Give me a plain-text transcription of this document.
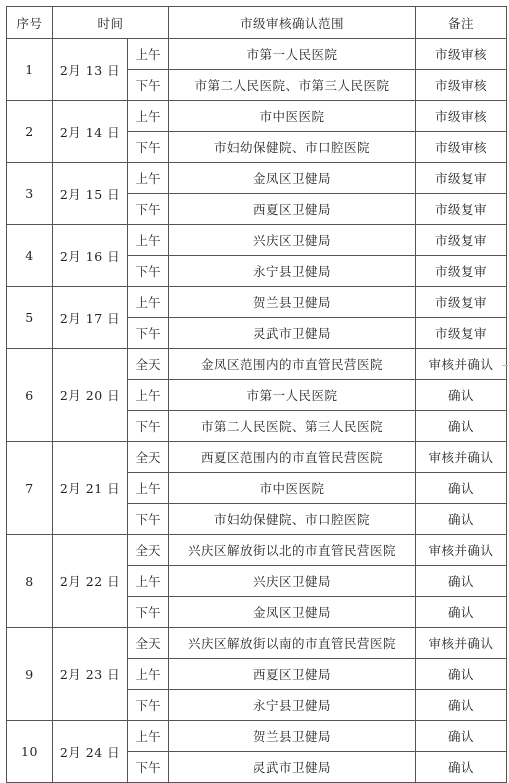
序号	时间		市级审核确认范围	备注
1	2月 13 日	上午	市第一人民医院	市级审核
		下午	市第二人民医院、市第三人民医院	市级审核
2	2月 14 日	上午	市中医医院	市级审核
		下午	市妇幼保健院、市口腔医院	市级审核
3	2月 15 日	上午	金凤区卫健局	市级复审
		下午	西夏区卫健局	市级复审
4	2月 16 日	上午	兴庆区卫健局	市级复审
		下午	永宁县卫健局	市级复审
5	2月 17 日	上午	贺兰县卫健局	市级复审
		下午	灵武市卫健局	市级复审
6	2月 20 日	全天	金凤区范围内的市直管民营医院	审核并确认
		上午	市第一人民医院	确认
		下午	市第二人民医院、第三人民医院	确认
7	2月 21 日	全天	西夏区范围内的市直管民营医院	审核并确认
		上午	市中医医院	确认
		下午	市妇幼保健院、市口腔医院	确认
8	2月 22 日	全天	兴庆区解放街以北的市直管民营医院	审核并确认
		上午	兴庆区卫健局	确认
		下午	金凤区卫健局	确认
9	2月 23 日	全天	兴庆区解放街以南的市直管民营医院	审核并确认
		上午	西夏区卫健局	确认
		下午	永宁县卫健局	确认
10	2月 24 日	上午	贺兰县卫健局	确认
		下午	灵武市卫健局	确认
